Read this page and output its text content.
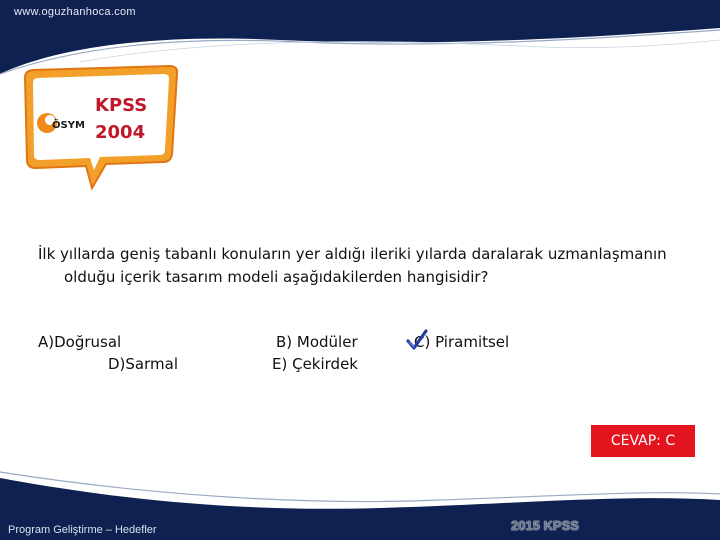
www.oguzhanhoca.com
ÖSYM
KPSS
2004
İlk yıllarda geniş tabanlı konuların yer aldığı ileriki yılarda daralarak uzmanlaşmanın
olduğu içerik tasarım modeli aşağıdakilerden hangisidir?
A)Doğrusal	B) Modüler	C) Piramitsel
D)Sarmal	E) Çekirdek
CEVAP: C
Program Geliştirme – Hedefler	2015 KPSS
